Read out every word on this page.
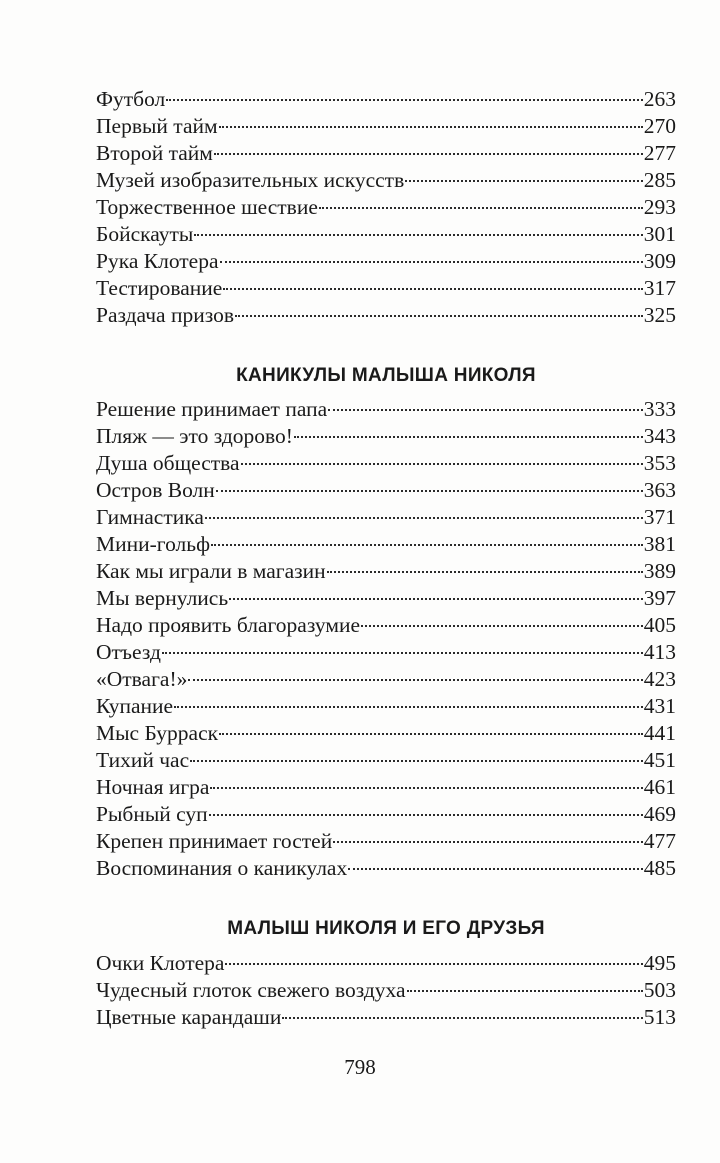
Футбол	263
Первый тайм	270
Второй тайм	277
Музей изобразительных искусств	285
Торжественное шествие	293
Бойскауты	301
Рука Клотера	309
Тестирование	317
Раздача призов	325
КАНИКУЛЫ МАЛЫША НИКОЛЯ
Решение принимает папа	333
Пляж — это здорово!	343
Душа общества	353
Остров Волн	363
Гимнастика	371
Мини-гольф	381
Как мы играли в магазин	389
Мы вернулись	397
Надо проявить благоразумие	405
Отъезд	413
«Отвага!»	423
Купание	431
Мыс Бурраск	441
Тихий час	451
Ночная игра	461
Рыбный суп	469
Крепен принимает гостей	477
Воспоминания о каникулах	485
МАЛЫШ НИКОЛЯ И ЕГО ДРУЗЬЯ
Очки Клотера	495
Чудесный глоток свежего воздуха	503
Цветные карандаши	513
798
